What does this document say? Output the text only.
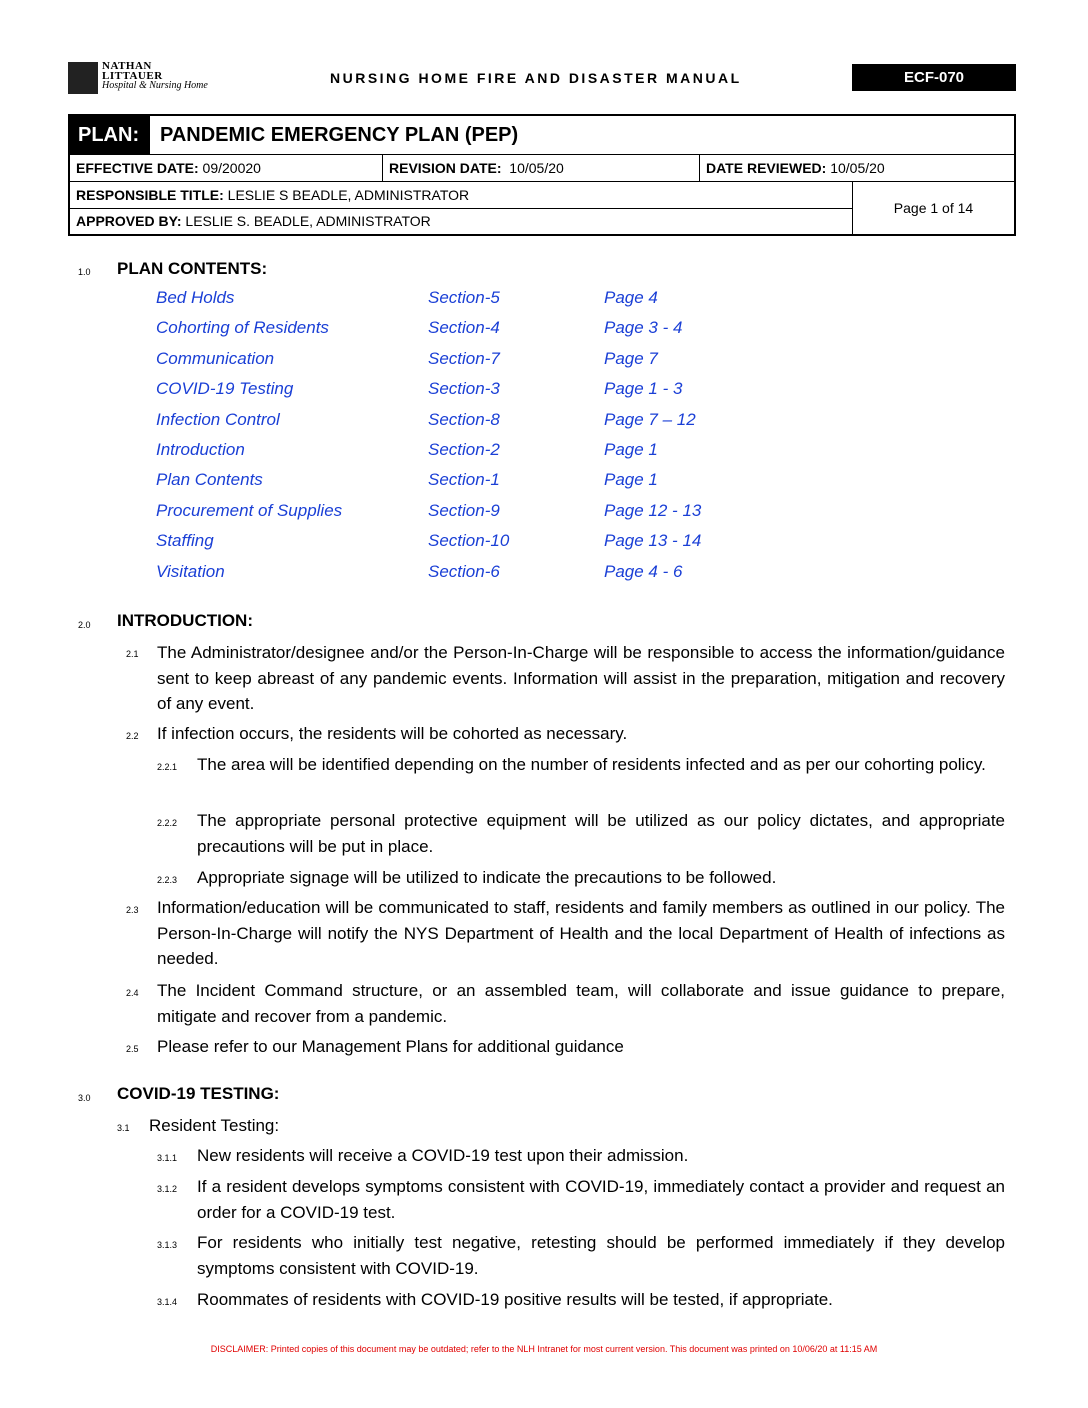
NATHAN
LITTAUER
Hospital & Nursing Home	NURSING HOME FIRE AND DISASTER MANUAL	ECF-070
PLAN:	PANDEMIC EMERGENCY PLAN (PEP)
EFFECTIVE DATE: 09/20020	REVISION DATE:  10/05/20	DATE REVIEWED: 10/05/20
RESPONSIBLE TITLE: LESLIE S BEADLE, ADMINISTRATOR
APPROVED BY: LESLIE S. BEADLE, ADMINISTRATOR
Page 1 of 14
1.0 PLAN CONTENTS:
Bed Holds	Section-5	Page 4
Cohorting of Residents	Section-4	Page 3 - 4
Communication	Section-7	Page 7
COVID-19 Testing	Section-3	Page 1 - 3
Infection Control	Section-8	Page 7 – 12
Introduction	Section-2	Page 1
Plan Contents	Section-1	Page 1
Procurement of Supplies	Section-9	Page 12 - 13
Staffing	Section-10	Page 13 - 14
Visitation	Section-6	Page 4 - 6
2.0 INTRODUCTION:
2.1 The Administrator/designee and/or the Person-In-Charge will be responsible to access the information/guidance sent to keep abreast of any pandemic events. Information will assist in the preparation, mitigation and recovery of any event.
2.2 If infection occurs, the residents will be cohorted as necessary.
2.2.1 The area will be identified depending on the number of residents infected and as per our cohorting policy.
2.2.2 The appropriate personal protective equipment will be utilized as our policy dictates, and appropriate precautions will be put in place.
2.2.3 Appropriate signage will be utilized to indicate the precautions to be followed.
2.3 Information/education will be communicated to staff, residents and family members as outlined in our policy. The Person-In-Charge will notify the NYS Department of Health and the local Department of Health of infections as needed.
2.4 The Incident Command structure, or an assembled team, will collaborate and issue guidance to prepare, mitigate and recover from a pandemic.
2.5 Please refer to our Management Plans for additional guidance
3.0 COVID-19 TESTING:
3.1 Resident Testing:
3.1.1 New residents will receive a COVID-19 test upon their admission.
3.1.2 If a resident develops symptoms consistent with COVID-19, immediately contact a provider and request an order for a COVID-19 test.
3.1.3 For residents who initially test negative, retesting should be performed immediately if they develop symptoms consistent with COVID-19.
3.1.4 Roommates of residents with COVID-19 positive results will be tested, if appropriate.
DISCLAIMER: Printed copies of this document may be outdated; refer to the NLH Intranet for most current version. This document was printed on 10/06/20 at 11:15 AM
